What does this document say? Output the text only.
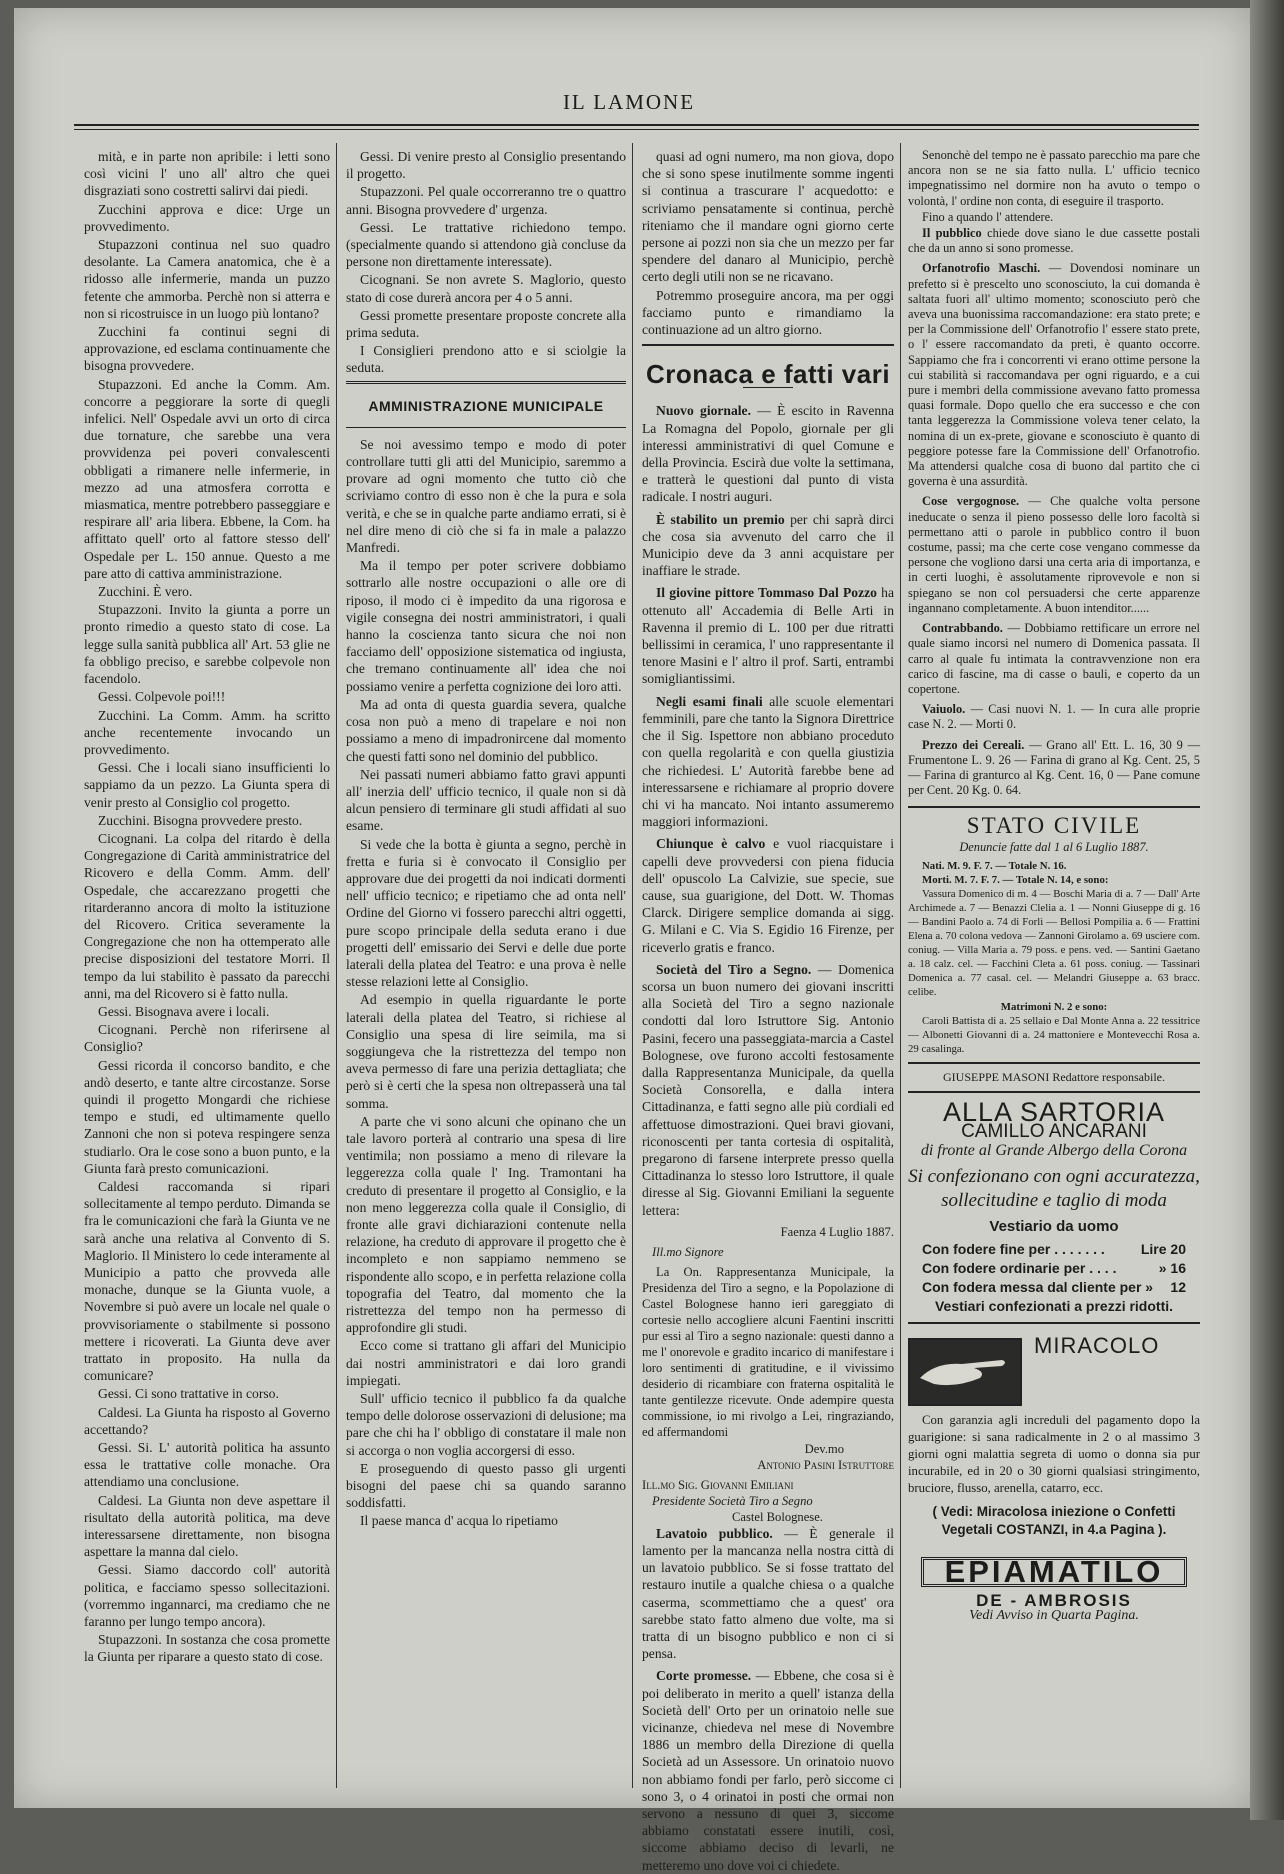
IL LAMONE

mità, e in parte non apribile: i letti sono così vicini l' uno all' altro che quei disgraziati sono costretti salirvi dai piedi.

Zucchini approva e dice: Urge un provvedimento.

Stupazzoni continua nel suo quadro desolante. La Camera anatomica, che è a ridosso alle infermerie, manda un puzzo fetente che ammorba. Perchè non si atterra e non si ricostruisce in un luogo più lontano?

Zucchini fa continui segni di approvazione, ed esclama continuamente che bisogna provvedere.

Stupazzoni. Ed anche la Comm. Am. concorre a peggiorare la sorte di quegli infelici. Nell' Ospedale avvi un orto di circa due tornature, che sarebbe una vera provvidenza pei poveri convalescenti obbligati a rimanere nelle infermerie, in mezzo ad una atmosfera corrotta e miasmatica, mentre potrebbero passeggiare e respirare all' aria libera. Ebbene, la Com. ha affittato quell' orto al fattore stesso dell' Ospedale per L. 150 annue. Questo a me pare atto di cattiva amministrazione.

Zucchini. È vero.

Stupazzoni. Invito la giunta a porre un pronto rimedio a questo stato di cose. La legge sulla sanità pubblica all' Art. 53 glie ne fa obbligo preciso, e sarebbe colpevole non facendolo.

Gessi. Colpevole poi!!!

Zucchini. La Comm. Amm. ha scritto anche recentemente invocando un provvedimento.

Gessi. Che i locali siano insufficienti lo sappiamo da un pezzo. La Giunta spera di venir presto al Consiglio col progetto.

Zucchini. Bisogna provvedere presto.

Cicognani. La colpa del ritardo è della Congregazione di Carità amministratrice del Ricovero e della Comm. Amm. dell' Ospedale, che accarezzano progetti che ritarderanno ancora di molto la istituzione del Ricovero. Critica severamente la Congregazione che non ha ottemperato alle precise disposizioni del testatore Morri. Il tempo da lui stabilito è passato da parecchi anni, ma del Ricovero si è fatto nulla.

Gessi. Bisognava avere i locali.

Cicognani. Perchè non riferirsene al Consiglio?

Gessi ricorda il concorso bandito, e che andò deserto, e tante altre circostanze. Sorse quindi il progetto Mongardi che richiese tempo e studi, ed ultimamente quello Zannoni che non si poteva respingere senza studiarlo. Ora le cose sono a buon punto, e la Giunta farà presto comunicazioni.

Caldesi raccomanda si ripari sollecitamente al tempo perduto. Dimanda se fra le comunicazioni che farà la Giunta ve ne sarà anche una relativa al Convento di S. Maglorio. Il Ministero lo cede interamente al Municipio a patto che provveda alle monache, dunque se la Giunta vuole, a Novembre si può avere un locale nel quale o provvisoriamente o stabilmente si possono mettere i ricoverati. La Giunta deve aver trattato in proposito. Ha nulla da comunicare?

Gessi. Ci sono trattative in corso.

Caldesi. La Giunta ha risposto al Governo accettando?

Gessi. Si. L' autorità politica ha assunto essa le trattative colle monache. Ora attendiamo una conclusione.

Caldesi. La Giunta non deve aspettare il risultato della autorità politica, ma deve interessarsene direttamente, non bisogna aspettare la manna dal cielo.

Gessi. Siamo daccordo coll' autorità politica, e facciamo spesso sollecitazioni. (vorremmo ingannarci, ma crediamo che ne faranno per lungo tempo ancora).

Stupazzoni. In sostanza che cosa promette la Giunta per riparare a questo stato di cose.

Gessi. Di venire presto al Consiglio presentando il progetto.

Stupazzoni. Pel quale occorreranno tre o quattro anni. Bisogna provvedere d' urgenza.

Gessi. Le trattative richiedono tempo. (specialmente quando si attendono già concluse da persone non direttamente interessate).

Cicognani. Se non avrete S. Maglorio, questo stato di cose durerà ancora per 4 o 5 anni.

Gessi promette presentare proposte concrete alla prima seduta.

I Consiglieri prendono atto e si sciolgie la seduta.

AMMINISTRAZIONE MUNICIPALE

Se noi avessimo tempo e modo di poter controllare tutti gli atti del Municipio, saremmo a provare ad ogni momento che tutto ciò che scriviamo contro di esso non è che la pura e sola verità, e che se in qualche parte andiamo errati, si è nel dire meno di ciò che si fa in male a palazzo Manfredi.

Ma il tempo per poter scrivere dobbiamo sottrarlo alle nostre occupazioni o alle ore di riposo, il modo ci è impedito da una rigorosa e vigile consegna dei nostri amministratori, i quali hanno la coscienza tanto sicura che noi non facciamo dell' opposizione sistematica od ingiusta, che tremano continuamente all' idea che noi possiamo venire a perfetta cognizione dei loro atti.

Ma ad onta di questa guardia severa, qualche cosa non può a meno di trapelare e noi non possiamo a meno di impadronircene dal momento che questi fatti sono nel dominio del pubblico.

Nei passati numeri abbiamo fatto gravi appunti all' inerzia dell' ufficio tecnico, il quale non si dà alcun pensiero di terminare gli studi affidati al suo esame.

Si vede che la botta è giunta a segno, perchè in fretta e furia si è convocato il Consiglio per approvare due dei progetti da noi indicati dormenti nell' ufficio tecnico; e ripetiamo che ad onta nell' Ordine del Giorno vi fossero parecchi altri oggetti, pure scopo principale della seduta erano i due progetti dell' emissario dei Servi e delle due porte laterali della platea del Teatro: e una prova è nelle stesse relazioni lette al Consiglio.

Ad esempio in quella riguardante le porte laterali della platea del Teatro, si richiese al Consiglio una spesa di lire seimila, ma si soggiungeva che la ristrettezza del tempo non aveva permesso di fare una perizia dettagliata; che però si è certi che la spesa non oltrepasserà una tal somma.

A parte che vi sono alcuni che opinano che un tale lavoro porterà al contrario una spesa di lire ventimila; non possiamo a meno di rilevare la leggerezza colla quale l' Ing. Tramontani ha creduto di presentare il progetto al Consiglio, e la non meno leggerezza colla quale il Consiglio, di fronte alle gravi dichiarazioni contenute nella relazione, ha creduto di approvare il progetto che è incompleto e non sappiamo nemmeno se rispondente allo scopo, e in perfetta relazione colla topografia del Teatro, dal momento che la ristrettezza del tempo non ha permesso di approfondire gli studi.

Ecco come si trattano gli affari del Municipio dai nostri amministratori e dai loro grandi impiegati.

Sull' ufficio tecnico il pubblico fa da qualche tempo delle dolorose osservazioni di delusione; ma pare che chi ha l' obbligo di constatare il male non si accorga o non voglia accorgersi di esso.

E proseguendo di questo passo gli urgenti bisogni del paese chi sa quando saranno soddisfatti.

Il paese manca d' acqua lo ripetiamo

quasi ad ogni numero, ma non giova, dopo che si sono spese inutilmente somme ingenti si continua a trascurare l' acquedotto: e scriviamo pensatamente si continua, perchè riteniamo che il mandare ogni giorno certe persone ai pozzi non sia che un mezzo per far spendere del danaro al Municipio, perchè certo degli utili non se ne ricavano.

Potremmo proseguire ancora, ma per oggi facciamo punto e rimandiamo la continuazione ad un altro giorno.

Cronaca e fatti vari

Nuovo giornale. — È escito in Ravenna La Romagna del Popolo, giornale per gli interessi amministrativi di quel Comune e della Provincia. Escirà due volte la settimana, e tratterà le questioni dal punto di vista radicale. I nostri auguri.

È stabilito un premio per chi saprà dirci che cosa sia avvenuto del carro che il Municipio deve da 3 anni acquistare per inaffiare le strade.

Il giovine pittore Tommaso Dal Pozzo ha ottenuto all' Accademia di Belle Arti in Ravenna il premio di L. 100 per due ritratti bellissimi in ceramica, l' uno rappresentante il tenore Masini e l' altro il prof. Sarti, entrambi somigliantissimi.

Negli esami finali alle scuole elementari femminili, pare che tanto la Signora Direttrice che il Sig. Ispettore non abbiano proceduto con quella regolarità e con quella giustizia che richiedesi. L' Autorità farebbe bene ad interessarsene e richiamare al proprio dovere chi vi ha mancato. Noi intanto assumeremo maggiori informazioni.

Chiunque è calvo e vuol riacquistare i capelli deve provvedersi con piena fiducia dell' opuscolo La Calvizie, sue specie, sue cause, sua guarigione, del Dott. W. Thomas Clarck. Dirigere semplice domanda ai sigg. G. Milani e C. Via S. Egidio 16 Firenze, per riceverlo gratis e franco.

Società del Tiro a Segno. — Domenica scorsa un buon numero dei giovani inscritti alla Società del Tiro a segno nazionale condotti dal loro Istruttore Sig. Antonio Pasini, fecero una passeggiata-marcia a Castel Bolognese, ove furono accolti festosamente dalla Rappresentanza Municipale, da quella Società Consorella, e dalla intera Cittadinanza, e fatti segno alle più cordiali ed affettuose dimostrazioni. Quei bravi giovani, riconoscenti per tanta cortesia di ospitalità, pregarono di farsene interprete presso quella Cittadinanza lo stesso loro Istruttore, il quale diresse al Sig. Giovanni Emiliani la seguente lettera:

Faenza 4 Luglio 1887.
Ill.mo Signore

La On. Rappresentanza Municipale, la Presidenza del Tiro a segno, e la Popolazione di Castel Bolognese hanno ieri gareggiato di cortesie nello accogliere alcuni Faentini inscritti pur essi al Tiro a segno nazionale: questi danno a me l' onorevole e gradito incarico di manifestare i loro sentimenti di gratitudine, e il vivissimo desiderio di ricambiare con fraterna ospitalità le tante gentilezze ricevute. Onde adempire questa commissione, io mi rivolgo a Lei, ringraziando, ed affermandomi

Dev.mo
Antonio Pasini Istruttore
Ill.mo Sig. Giovanni Emiliani
Presidente Società Tiro a Segno
Castel Bolognese.

Lavatoio pubblico. — È generale il lamento per la mancanza nella nostra città di un lavatoio pubblico. Se si fosse trattato del restauro inutile a qualche chiesa o a qualche caserma, scommettiamo che a quest' ora sarebbe stato fatto almeno due volte, ma si tratta di un bisogno pubblico e non ci si pensa.

Corte promesse. — Ebbene, che cosa si è poi deliberato in merito a quell' istanza della Società dell' Orto per un orinatoio nelle sue vicinanze, chiedeva nel mese di Novembre 1886 un membro della Direzione di quella Società ad un Assessore. Un orinatoio nuovo non abbiamo fondi per farlo, però siccome ci sono 3, o 4 orinatoi in posti che ormai non servono a nessuno di quei 3, siccome abbiamo constatati essere inutili, così, siccome abbiamo deciso di levarli, ne metteremo uno dove voi ci chiedete.

Senonchè del tempo ne è passato parecchio ma pare che ancora non se ne sia fatto nulla. L' ufficio tecnico impegnatissimo nel dormire non ha avuto o tempo o volontà, l' ordine non conta, di eseguire il trasporto.

Fino a quando l' attendere.

Il pubblico chiede dove siano le due cassette postali che da un anno si sono promesse.

Orfanotrofio Maschi. — Dovendosi nominare un prefetto si è prescelto uno sconosciuto, la cui domanda è saltata fuori all' ultimo momento; sconosciuto però che aveva una buonissima raccomandazione: era stato prete; e per la Commissione dell' Orfanotrofio l' essere stato prete, o l' essere raccomandato da preti, è quanto occorre. Sappiamo che fra i concorrenti vi erano ottime persone la cui stabilità si raccomandava per ogni riguardo, e a cui pure i membri della commissione avevano fatto promessa quasi formale. Dopo quello che era successo e che con tanta leggerezza la Commissione voleva tener celato, la nomina di un ex-prete, giovane e sconosciuto è quanto di peggiore potesse fare la Commissione dell' Orfanotrofio. Ma attendersi qualche cosa di buono dal partito che ci governa è una assurdità.

Cose vergognose. — Che qualche volta persone ineducate o senza il pieno possesso delle loro facoltà si permettano atti o parole in pubblico contro il buon costume, passi; ma che certe cose vengano commesse da persone che vogliono darsi una certa aria di importanza, e in certi luoghi, è assolutamente riprovevole e non si spiegano se non col persuadersi che certe apparenze ingannano completamente. A buon intenditor......

Contrabbando. — Dobbiamo rettificare un errore nel quale siamo incorsi nel numero di Domenica passata. Il carro al quale fu intimata la contravvenzione non era carico di fascine, ma di casse o bauli, e coperto da un copertone.

Vaiuolo. — Casi nuovi N. 1. — In cura alle proprie case N. 2. — Morti 0.

Prezzo dei Cereali. — Grano all' Ett. L. 16, 30 9 — Frumentone L. 9. 26 — Farina di grano al Kg. Cent. 25, 5 — Farina di granturco al Kg. Cent. 16, 0 — Pane comune per Cent. 20 Kg. 0. 64.

STATO CIVILE
Denuncie fatte dal 1 al 6 Luglio 1887.
Nati. M. 9. F. 7. — Totale N. 16.
Morti. M. 7. F. 7. — Totale N. 14, e sono:

Vassura Domenico di m. 4 — Boschi Maria di a. 7 — Dall' Arte Archimede a. 7 — Benazzi Clelia a. 1 — Nonni Giuseppe di g. 16 — Bandini Paolo a. 74 di Forlì — Bellosi Pompilia a. 6 — Frattini Elena a. 70 colona vedova — Zannoni Girolamo a. 69 usciere com. coniug. — Villa Maria a. 79 poss. e pens. ved. — Santini Gaetano a. 18 calz. cel. — Facchini Cleta a. 61 poss. coniug. — Tassinari Domenica a. 77 casal. cel. — Melandri Giuseppe a. 63 bracc. celibe.

Matrimoni N. 2 e sono:

Caroli Battista di a. 25 sellaio e Dal Monte Anna a. 22 tessitrice — Albonetti Giovanni di a. 24 mattoniere e Montevecchi Rosa a. 29 casalinga.

GIUSEPPE MASONI Redattore responsabile.
ALLA SARTORIA
CAMILLO ANCARANI
di fronte al Grande Albergo della Corona
Si confezionano con ogni accuratezza, sollecitudine e taglio di moda
Vestiario da uomo
Con fodere fine per . . . . . . .	Lire 20
Con fodere ordinarie per . . . .	» 16
Con fodera messa dal cliente per » 12
Vestiari confezionati a prezzi ridotti.
MIRACOLO

Con garanzia agli increduli del pagamento dopo la guarigione: si sana radicalmente in 2 o al massimo 3 giorni ogni malattia segreta di uomo o donna sia pur incurabile, ed in 20 o 30 giorni qualsiasi stringimento, bruciore, flusso, arenella, catarro, ecc.

( Vedi: Miracolosa iniezione o Confetti Vegetali COSTANZI, in 4.a Pagina ).
EPIAMATILO
DE - AMBROSIS
Vedi Avviso in Quarta Pagina.
